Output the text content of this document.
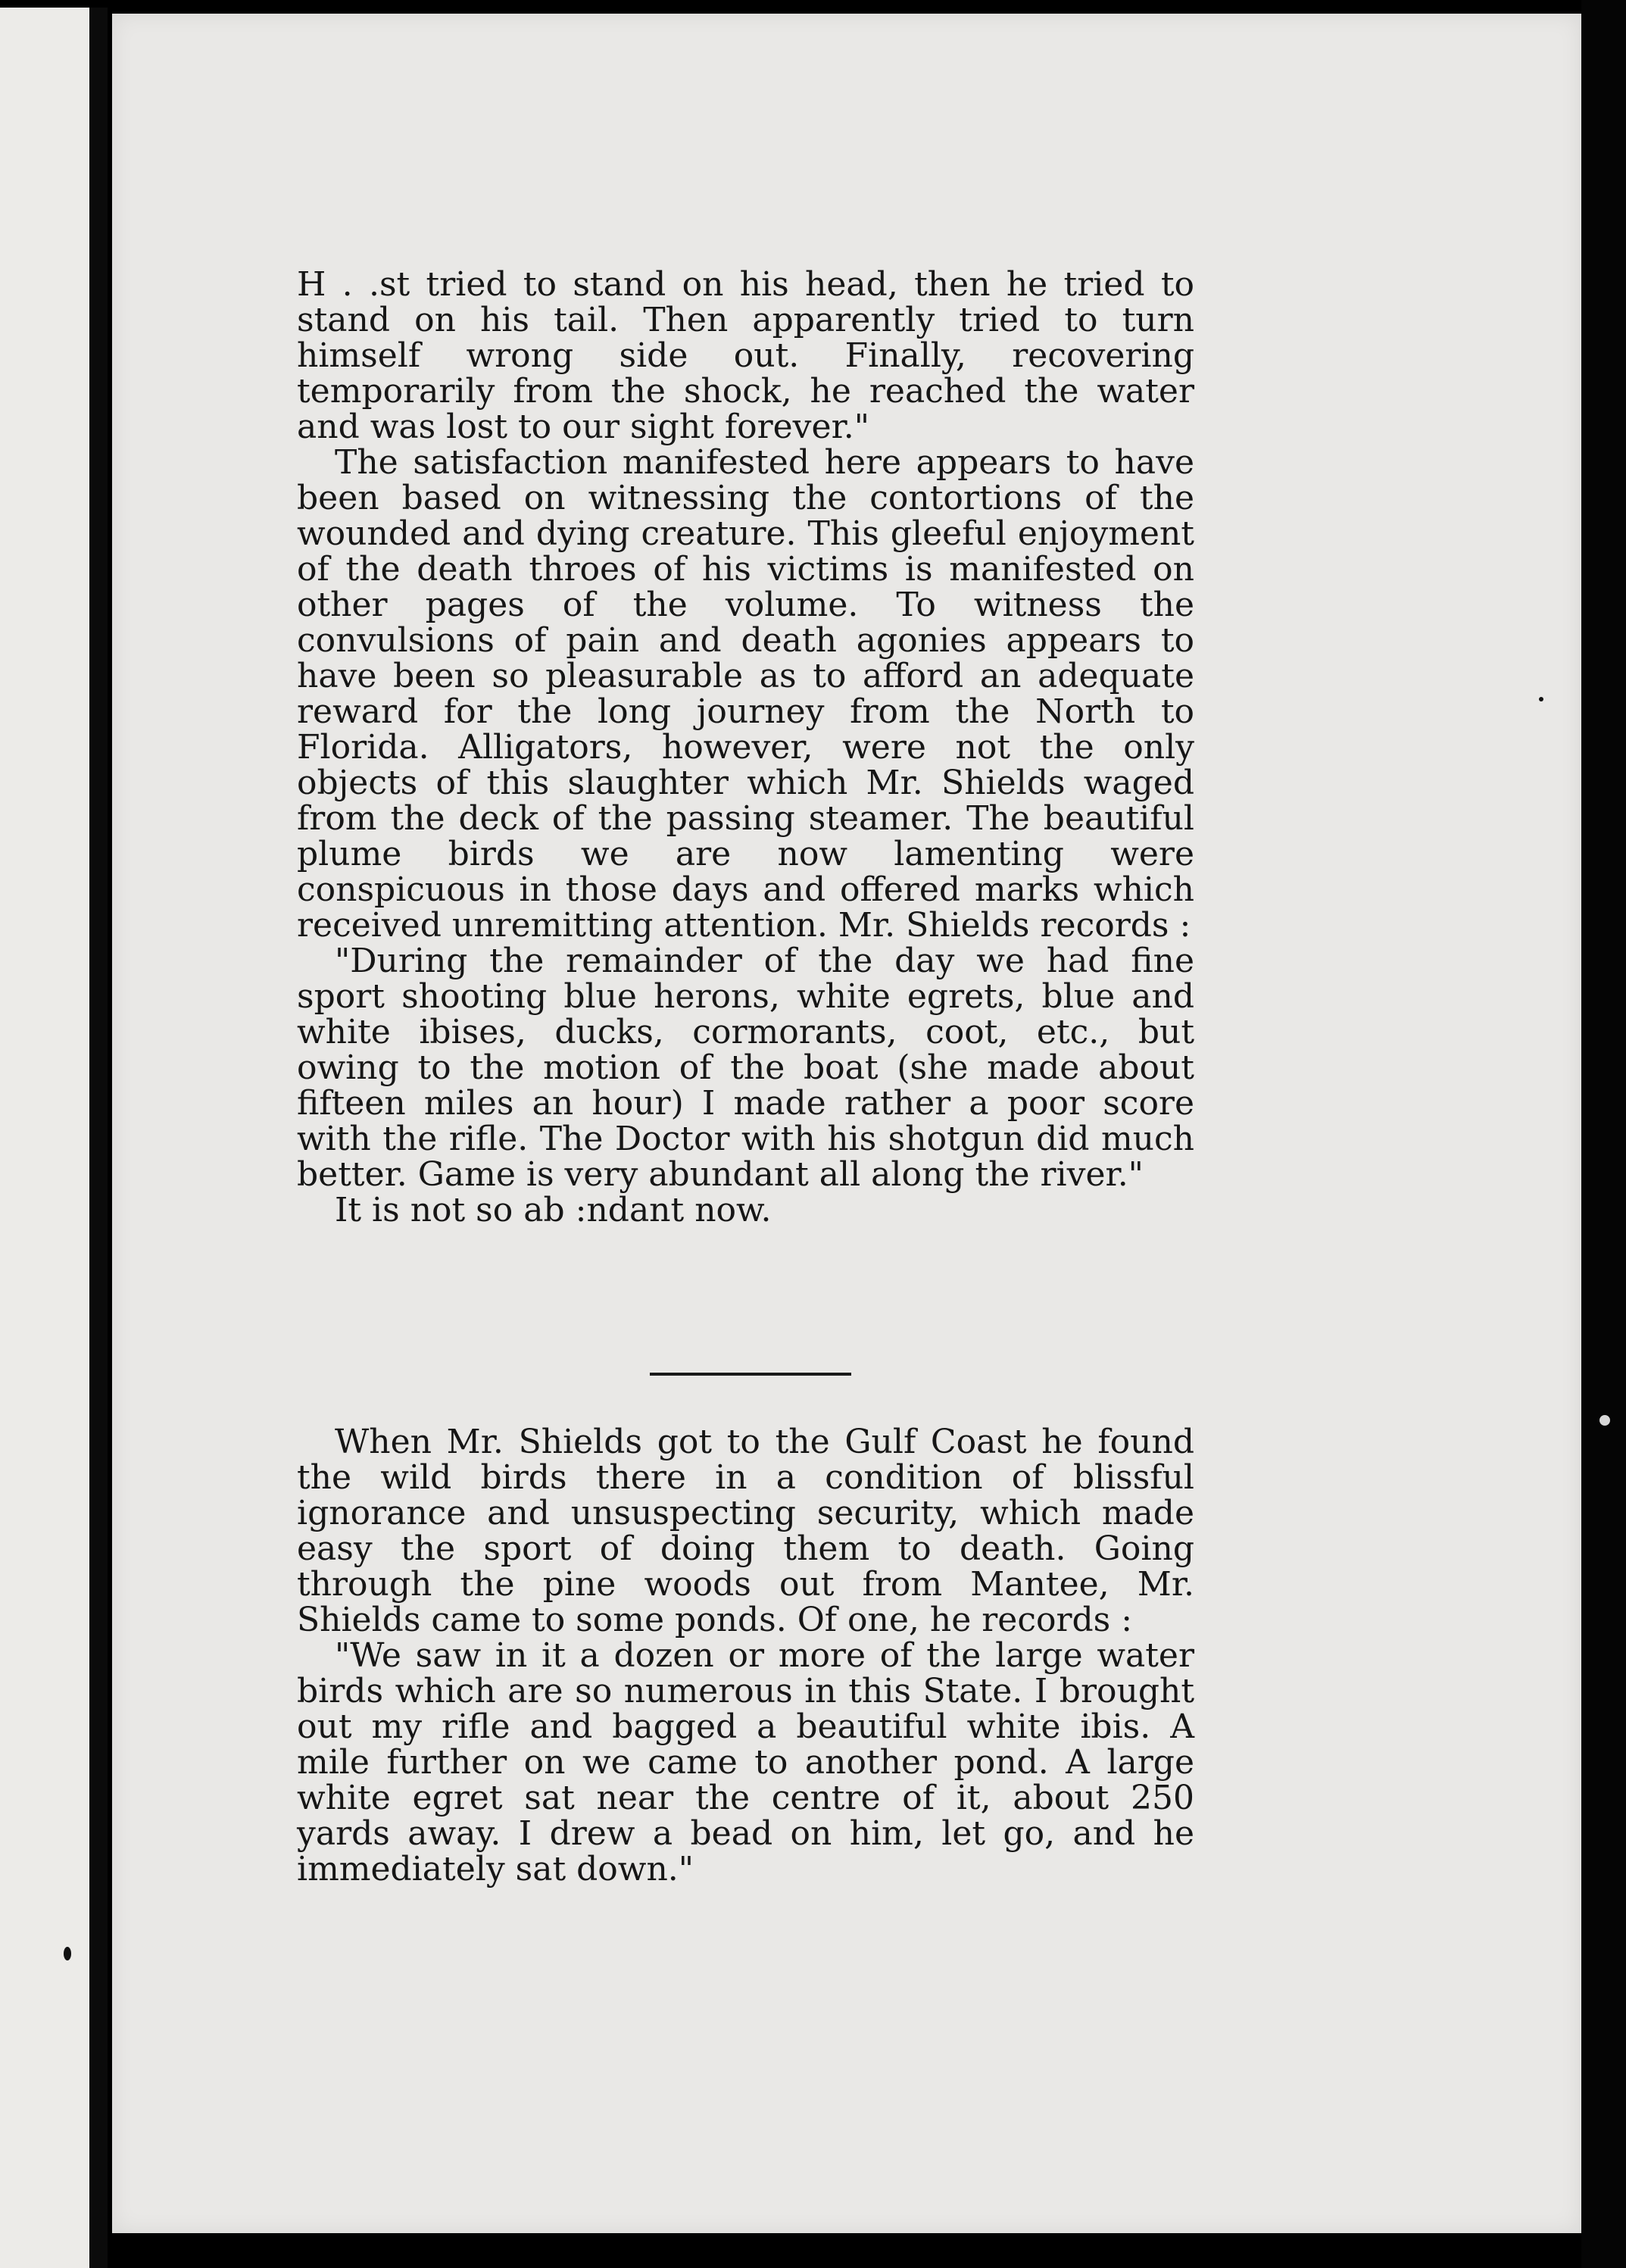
H . .st tried to stand on his head, then he tried to stand on his tail. Then apparently tried to turn himself wrong side out. Finally, recovering temporarily from the shock, he reached the water and was lost to our sight forever."

The satisfaction manifested here appears to have been based on witnessing the contortions of the wounded and dying creature. This gleeful enjoyment of the death throes of his victims is manifested on other pages of the volume. To witness the convulsions of pain and death agonies appears to have been so pleasurable as to afford an adequate reward for the long journey from the North to Florida. Alligators, however, were not the only objects of this slaughter which Mr. Shields waged from the deck of the passing steamer. The beautiful plume birds we are now lamenting were conspicuous in those days and offered marks which received unremitting attention. Mr. Shields records :

"During the remainder of the day we had fine sport shooting blue herons, white egrets, blue and white ibises, ducks, cormorants, coot, etc., but owing to the motion of the boat (she made about fifteen miles an hour) I made rather a poor score with the rifle. The Doctor with his shotgun did much better. Game is very abundant all along the river."

It is not so ab :ndant now.

When Mr. Shields got to the Gulf Coast he found the wild birds there in a condition of blissful ignorance and unsuspecting security, which made easy the sport of doing them to death. Going through the pine woods out from Mantee, Mr. Shields came to some ponds. Of one, he records :

"We saw in it a dozen or more of the large water birds which are so numerous in this State. I brought out my rifle and bagged a beautiful white ibis. A mile further on we came to another pond. A large white egret sat near the centre of it, about 250 yards away. I drew a bead on him, let go, and he immediately sat down."
